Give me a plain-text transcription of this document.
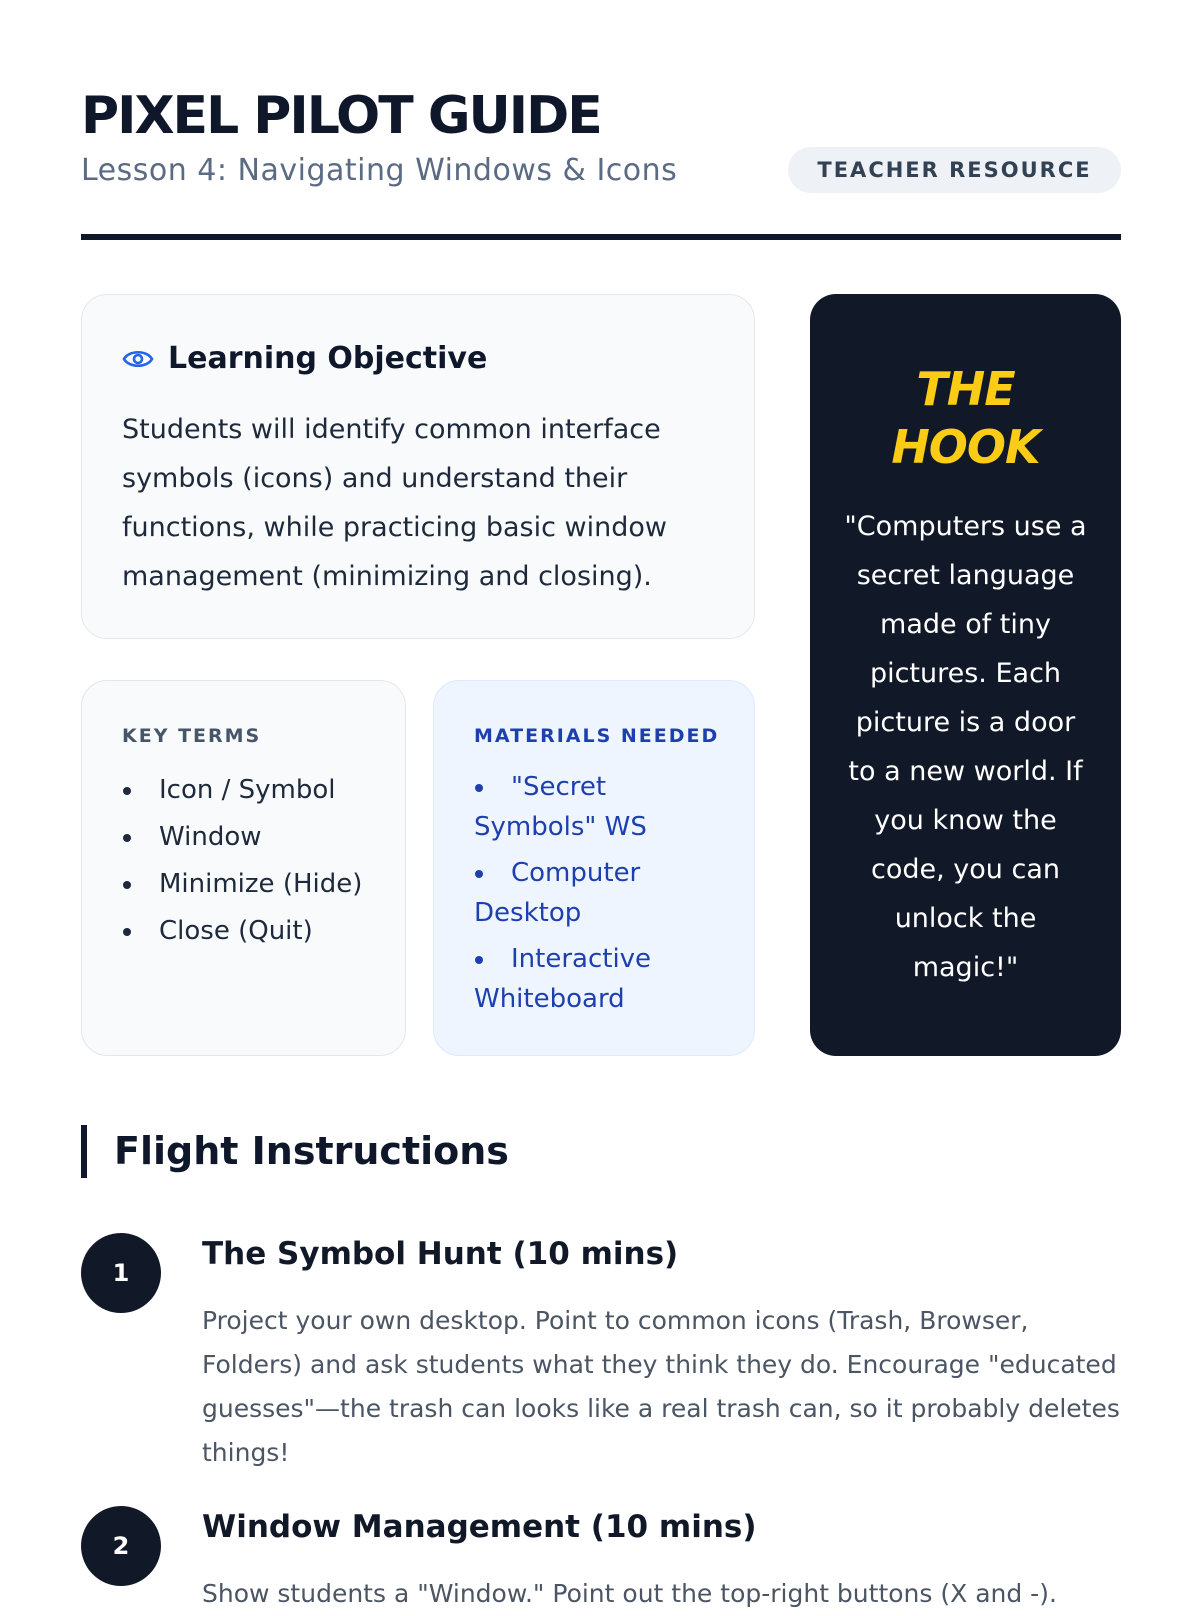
PIXEL PILOT GUIDE
Lesson 4: Navigating Windows & Icons	TEACHER RESOURCE
Learning Objective

Students will identify common interface symbols (icons) and understand their functions, while practicing basic window management (minimizing and closing).

KEY TERMS
Icon / Symbol
Window
Minimize (Hide)
Close (Quit)
MATERIALS NEEDED
"Secret Symbols" WS
Computer Desktop
Interactive Whiteboard
THE
HOOK

"Computers use a secret language made of tiny pictures. Each picture is a door to a new world. If you know the code, you can unlock the magic!"

Flight Instructions
1
The Symbol Hunt (10 mins)

Project your own desktop. Point to common icons (Trash, Browser, Folders) and ask students what they think they do. Encourage "educated guesses"—the trash can looks like a real trash can, so it probably deletes things!

2
Window Management (10 mins)

Show students a "Window." Point out the top-right buttons (X and -).
